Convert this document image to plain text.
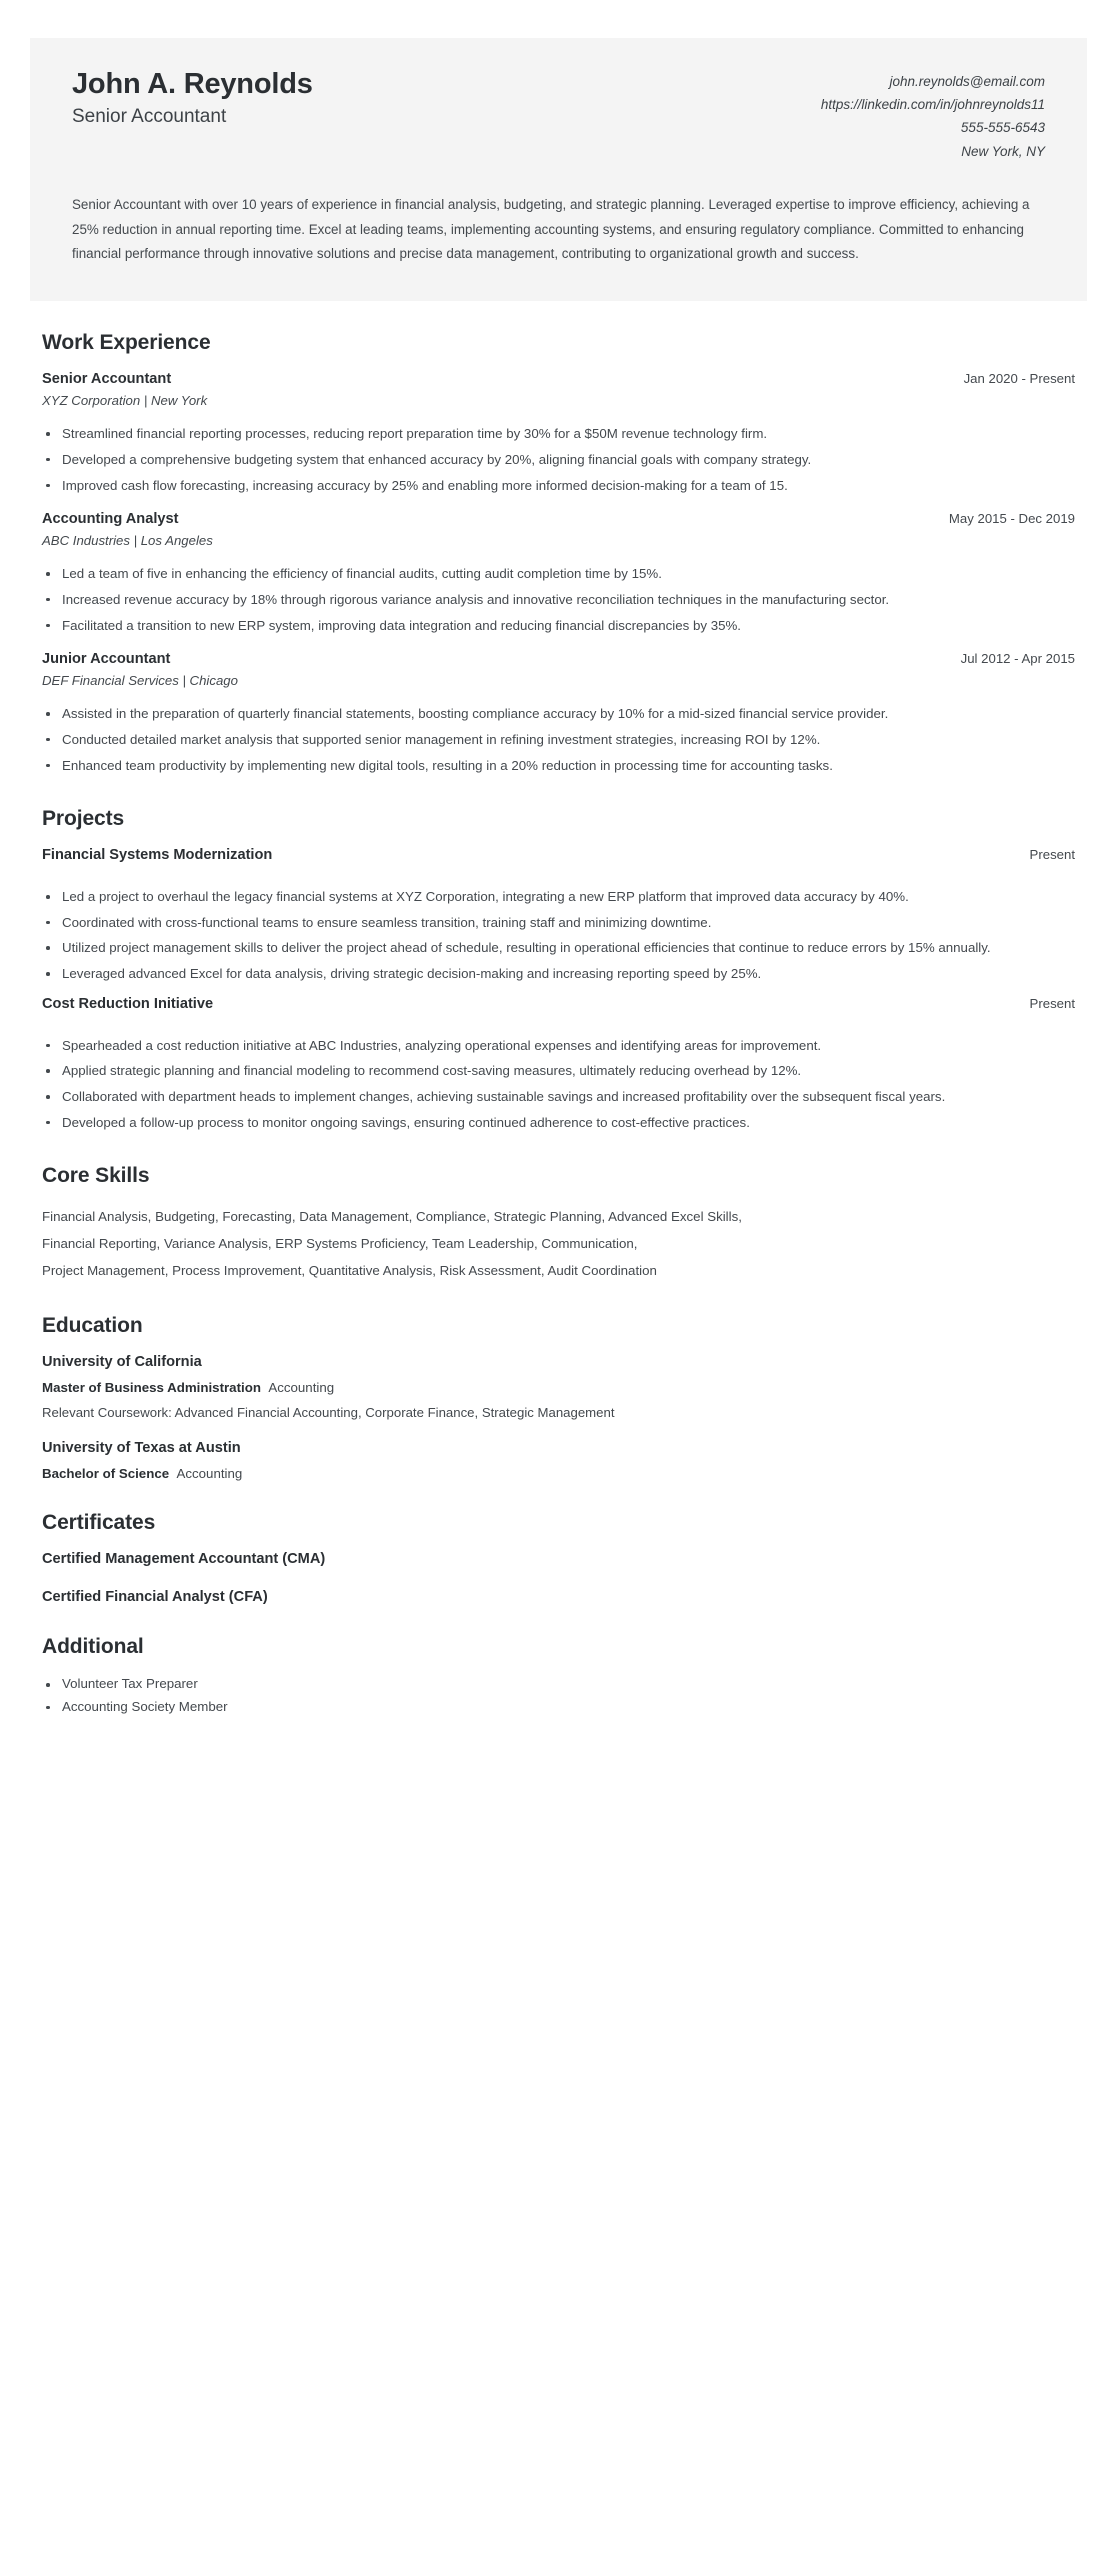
John A. Reynolds
Senior Accountant
john.reynolds@email.com
https://linkedin.com/in/johnreynolds11
555-555-6543
New York, NY
Senior Accountant with over 10 years of experience in financial analysis, budgeting, and strategic planning. Leveraged expertise to improve efficiency, achieving a 25% reduction in annual reporting time. Excel at leading teams, implementing accounting systems, and ensuring regulatory compliance. Committed to enhancing financial performance through innovative solutions and precise data management, contributing to organizational growth and success.
Work Experience
Senior Accountant	Jan 2020 - Present
XYZ Corporation | New York
Streamlined financial reporting processes, reducing report preparation time by 30% for a $50M revenue technology firm.
Developed a comprehensive budgeting system that enhanced accuracy by 20%, aligning financial goals with company strategy.
Improved cash flow forecasting, increasing accuracy by 25% and enabling more informed decision-making for a team of 15.
Accounting Analyst	May 2015 - Dec 2019
ABC Industries | Los Angeles
Led a team of five in enhancing the efficiency of financial audits, cutting audit completion time by 15%.
Increased revenue accuracy by 18% through rigorous variance analysis and innovative reconciliation techniques in the manufacturing sector.
Facilitated a transition to new ERP system, improving data integration and reducing financial discrepancies by 35%.
Junior Accountant	Jul 2012 - Apr 2015
DEF Financial Services | Chicago
Assisted in the preparation of quarterly financial statements, boosting compliance accuracy by 10% for a mid-sized financial service provider.
Conducted detailed market analysis that supported senior management in refining investment strategies, increasing ROI by 12%.
Enhanced team productivity by implementing new digital tools, resulting in a 20% reduction in processing time for accounting tasks.
Projects
Financial Systems Modernization	Present
Led a project to overhaul the legacy financial systems at XYZ Corporation, integrating a new ERP platform that improved data accuracy by 40%.
Coordinated with cross-functional teams to ensure seamless transition, training staff and minimizing downtime.
Utilized project management skills to deliver the project ahead of schedule, resulting in operational efficiencies that continue to reduce errors by 15% annually.
Leveraged advanced Excel for data analysis, driving strategic decision-making and increasing reporting speed by 25%.
Cost Reduction Initiative	Present
Spearheaded a cost reduction initiative at ABC Industries, analyzing operational expenses and identifying areas for improvement.
Applied strategic planning and financial modeling to recommend cost-saving measures, ultimately reducing overhead by 12%.
Collaborated with department heads to implement changes, achieving sustainable savings and increased profitability over the subsequent fiscal years.
Developed a follow-up process to monitor ongoing savings, ensuring continued adherence to cost-effective practices.
Core Skills
Financial Analysis, Budgeting, Forecasting, Data Management, Compliance, Strategic Planning, Advanced Excel Skills,
Financial Reporting, Variance Analysis, ERP Systems Proficiency, Team Leadership, Communication,
Project Management, Process Improvement, Quantitative Analysis, Risk Assessment, Audit Coordination
Education
University of California
Master of Business Administration Accounting
Relevant Coursework: Advanced Financial Accounting, Corporate Finance, Strategic Management
University of Texas at Austin
Bachelor of Science Accounting
Certificates
Certified Management Accountant (CMA)
Certified Financial Analyst (CFA)
Additional
Volunteer Tax Preparer
Accounting Society Member
